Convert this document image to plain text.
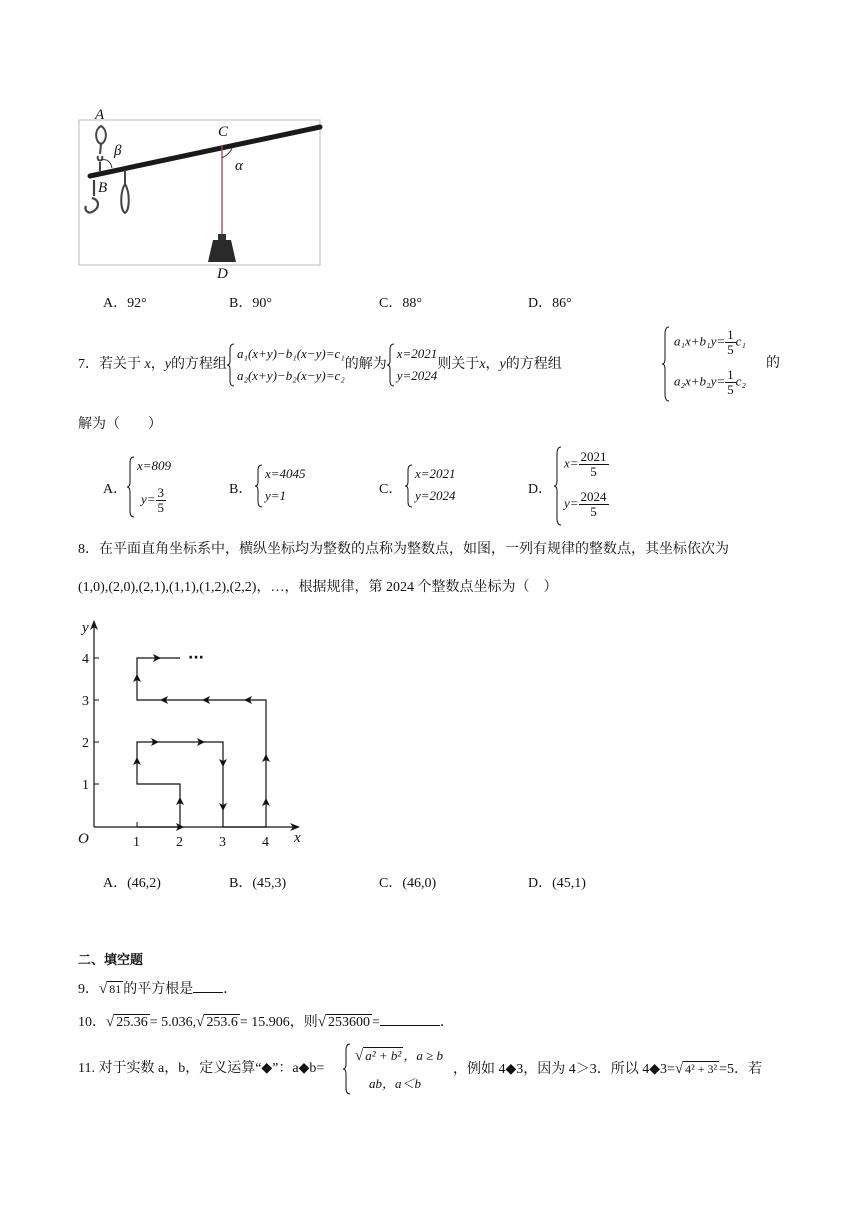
A
β
B
C
α
D
A．92°	B．90°	C．88°	D．86°
7．若关于 x，y的方程组
a₁(x+y)−b₁(x−y)=c₁
a₂(x+y)−b₂(x−y)=c₂
的解为
x=2021
y=2024
则关于x，y的方程组
$a_1x+b_1y= \frac{1}{5} c_1$
$a_2x+b_2y= \frac{1}{5} c_2$
的
解为（　　）
A．
x=809
$y= \frac{3}{5}$	B．
x=4045
y=1	C．
x=2021
y=2024	D．
$x= \frac{2021}{5}$
$y= \frac{2024}{5}$
8．在平面直角坐标系中，横纵坐标均为整数的点称为整数点，如图，一列有规律的整数点，其坐标依次为
(1,0),(2,0),(2,1),(1,1),(1,2),(2,2)，…，根据规律，第 2024 个整数点坐标为（　）
···
y
x
O	1	2	3	4
1
2
3
4
A．(46,2)	B．(45,3)	C．(46,0)	D．(45,1)
二、填空题
9．√ 81 的平方根是 ．
10．√ 25.36 = 5.036,√ 253.6 = 15.906，则√ 253600 =	．
11. 对于实数 a，b，定义运算“◆”：a◆b=
√ a² + b² ，a ≥ b
ab，a＜b
，例如 4◆3，因为 4＞3．所以 4◆3=√ 4² + 3² =5．若
